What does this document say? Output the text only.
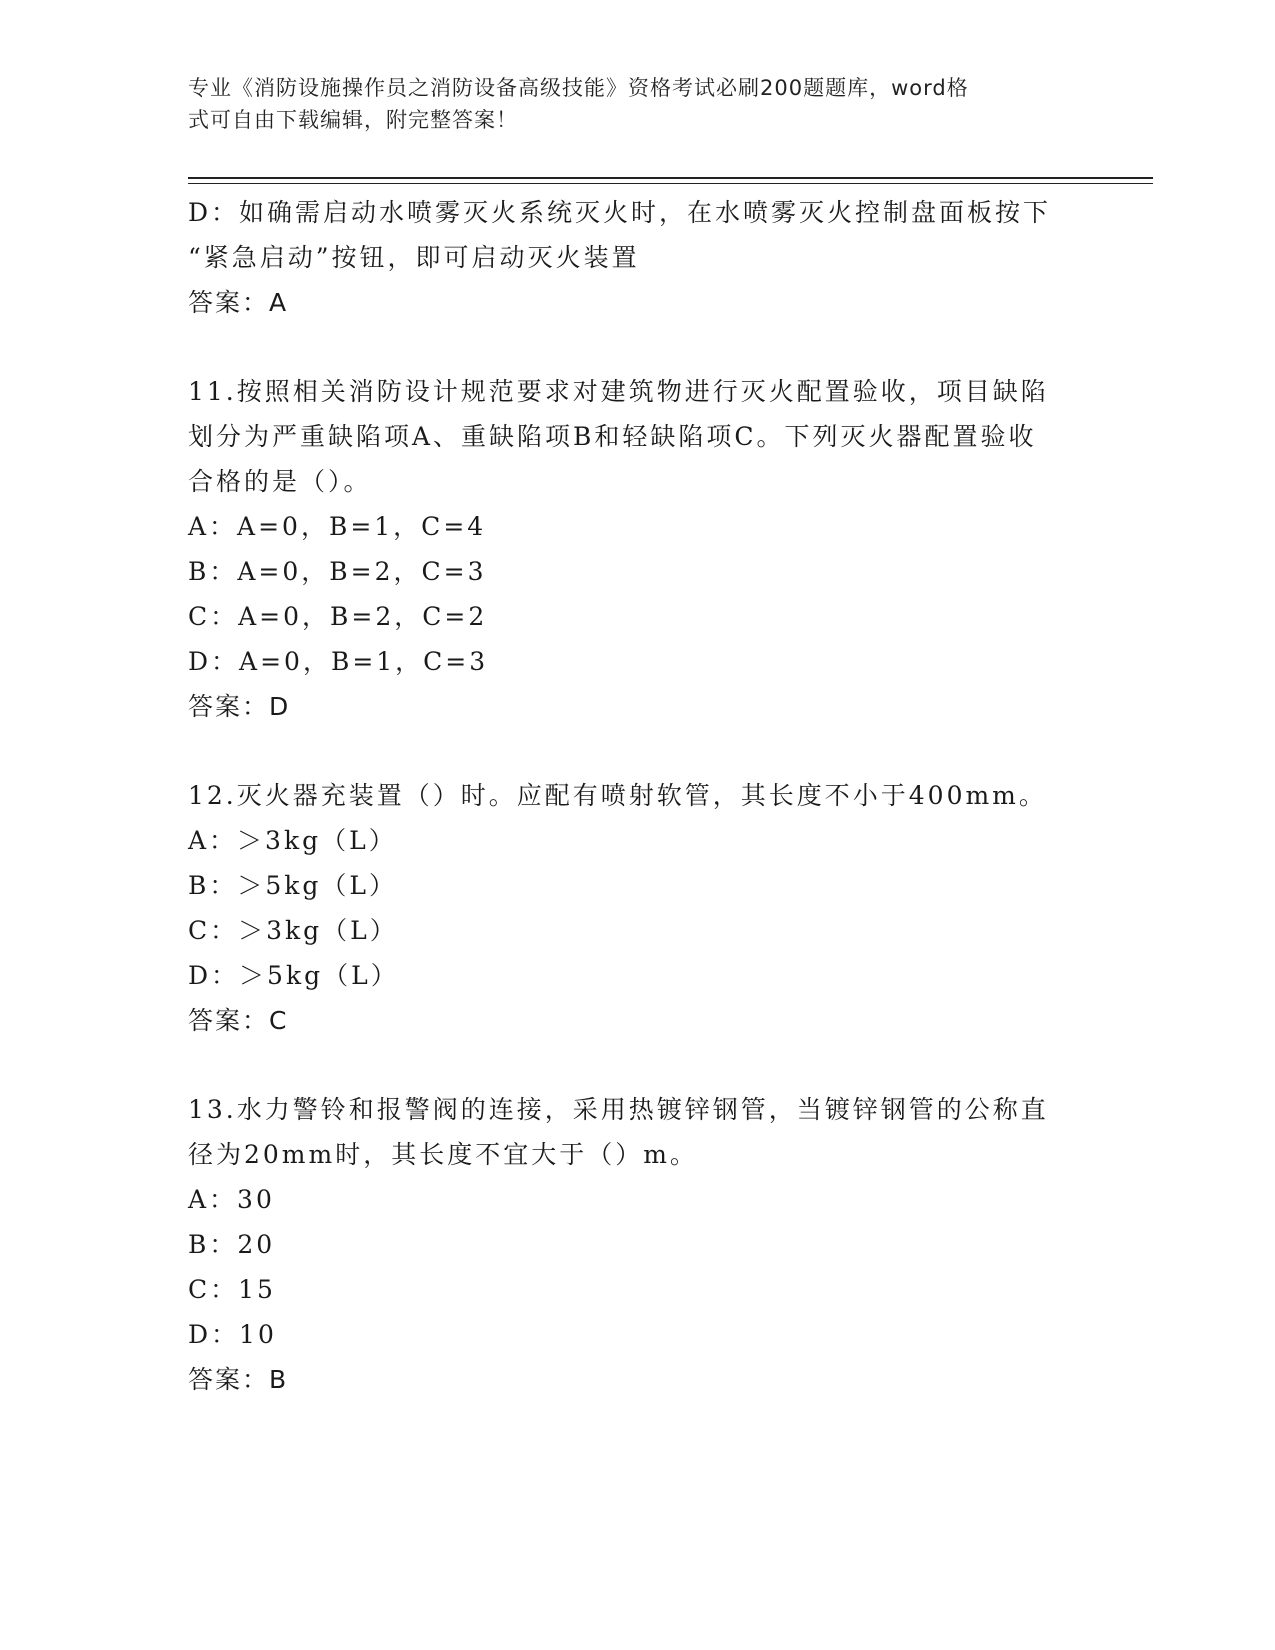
专业《消防设施操作员之消防设备高级技能》资格考试必刷200题题库，word格
式可自由下载编辑，附完整答案！
D：如确需启动水喷雾灭火系统灭火时，在水喷雾灭火控制盘面板按下
“紧急启动”按钮，即可启动灭火装置
答案：A
11.按照相关消防设计规范要求对建筑物进行灭火配置验收，项目缺陷
划分为严重缺陷项A、重缺陷项B和轻缺陷项C。下列灭火器配置验收
合格的是（）。
A：A=0，B=1，C=4
B：A=0，B=2，C=3
C：A=0，B=2，C=2
D：A=0，B=1，C=3
答案：D
12.灭火器充装置（）时。应配有喷射软管，其长度不小于400mm。
A：＞3kg（L）
B：＞5kg（L）
C：＞3kg（L）
D：＞5kg（L）
答案：C
13.水力警铃和报警阀的连接，采用热镀锌钢管，当镀锌钢管的公称直
径为20mm时，其长度不宜大于（）m。
A：30
B：20
C：15
D：10
答案：B
